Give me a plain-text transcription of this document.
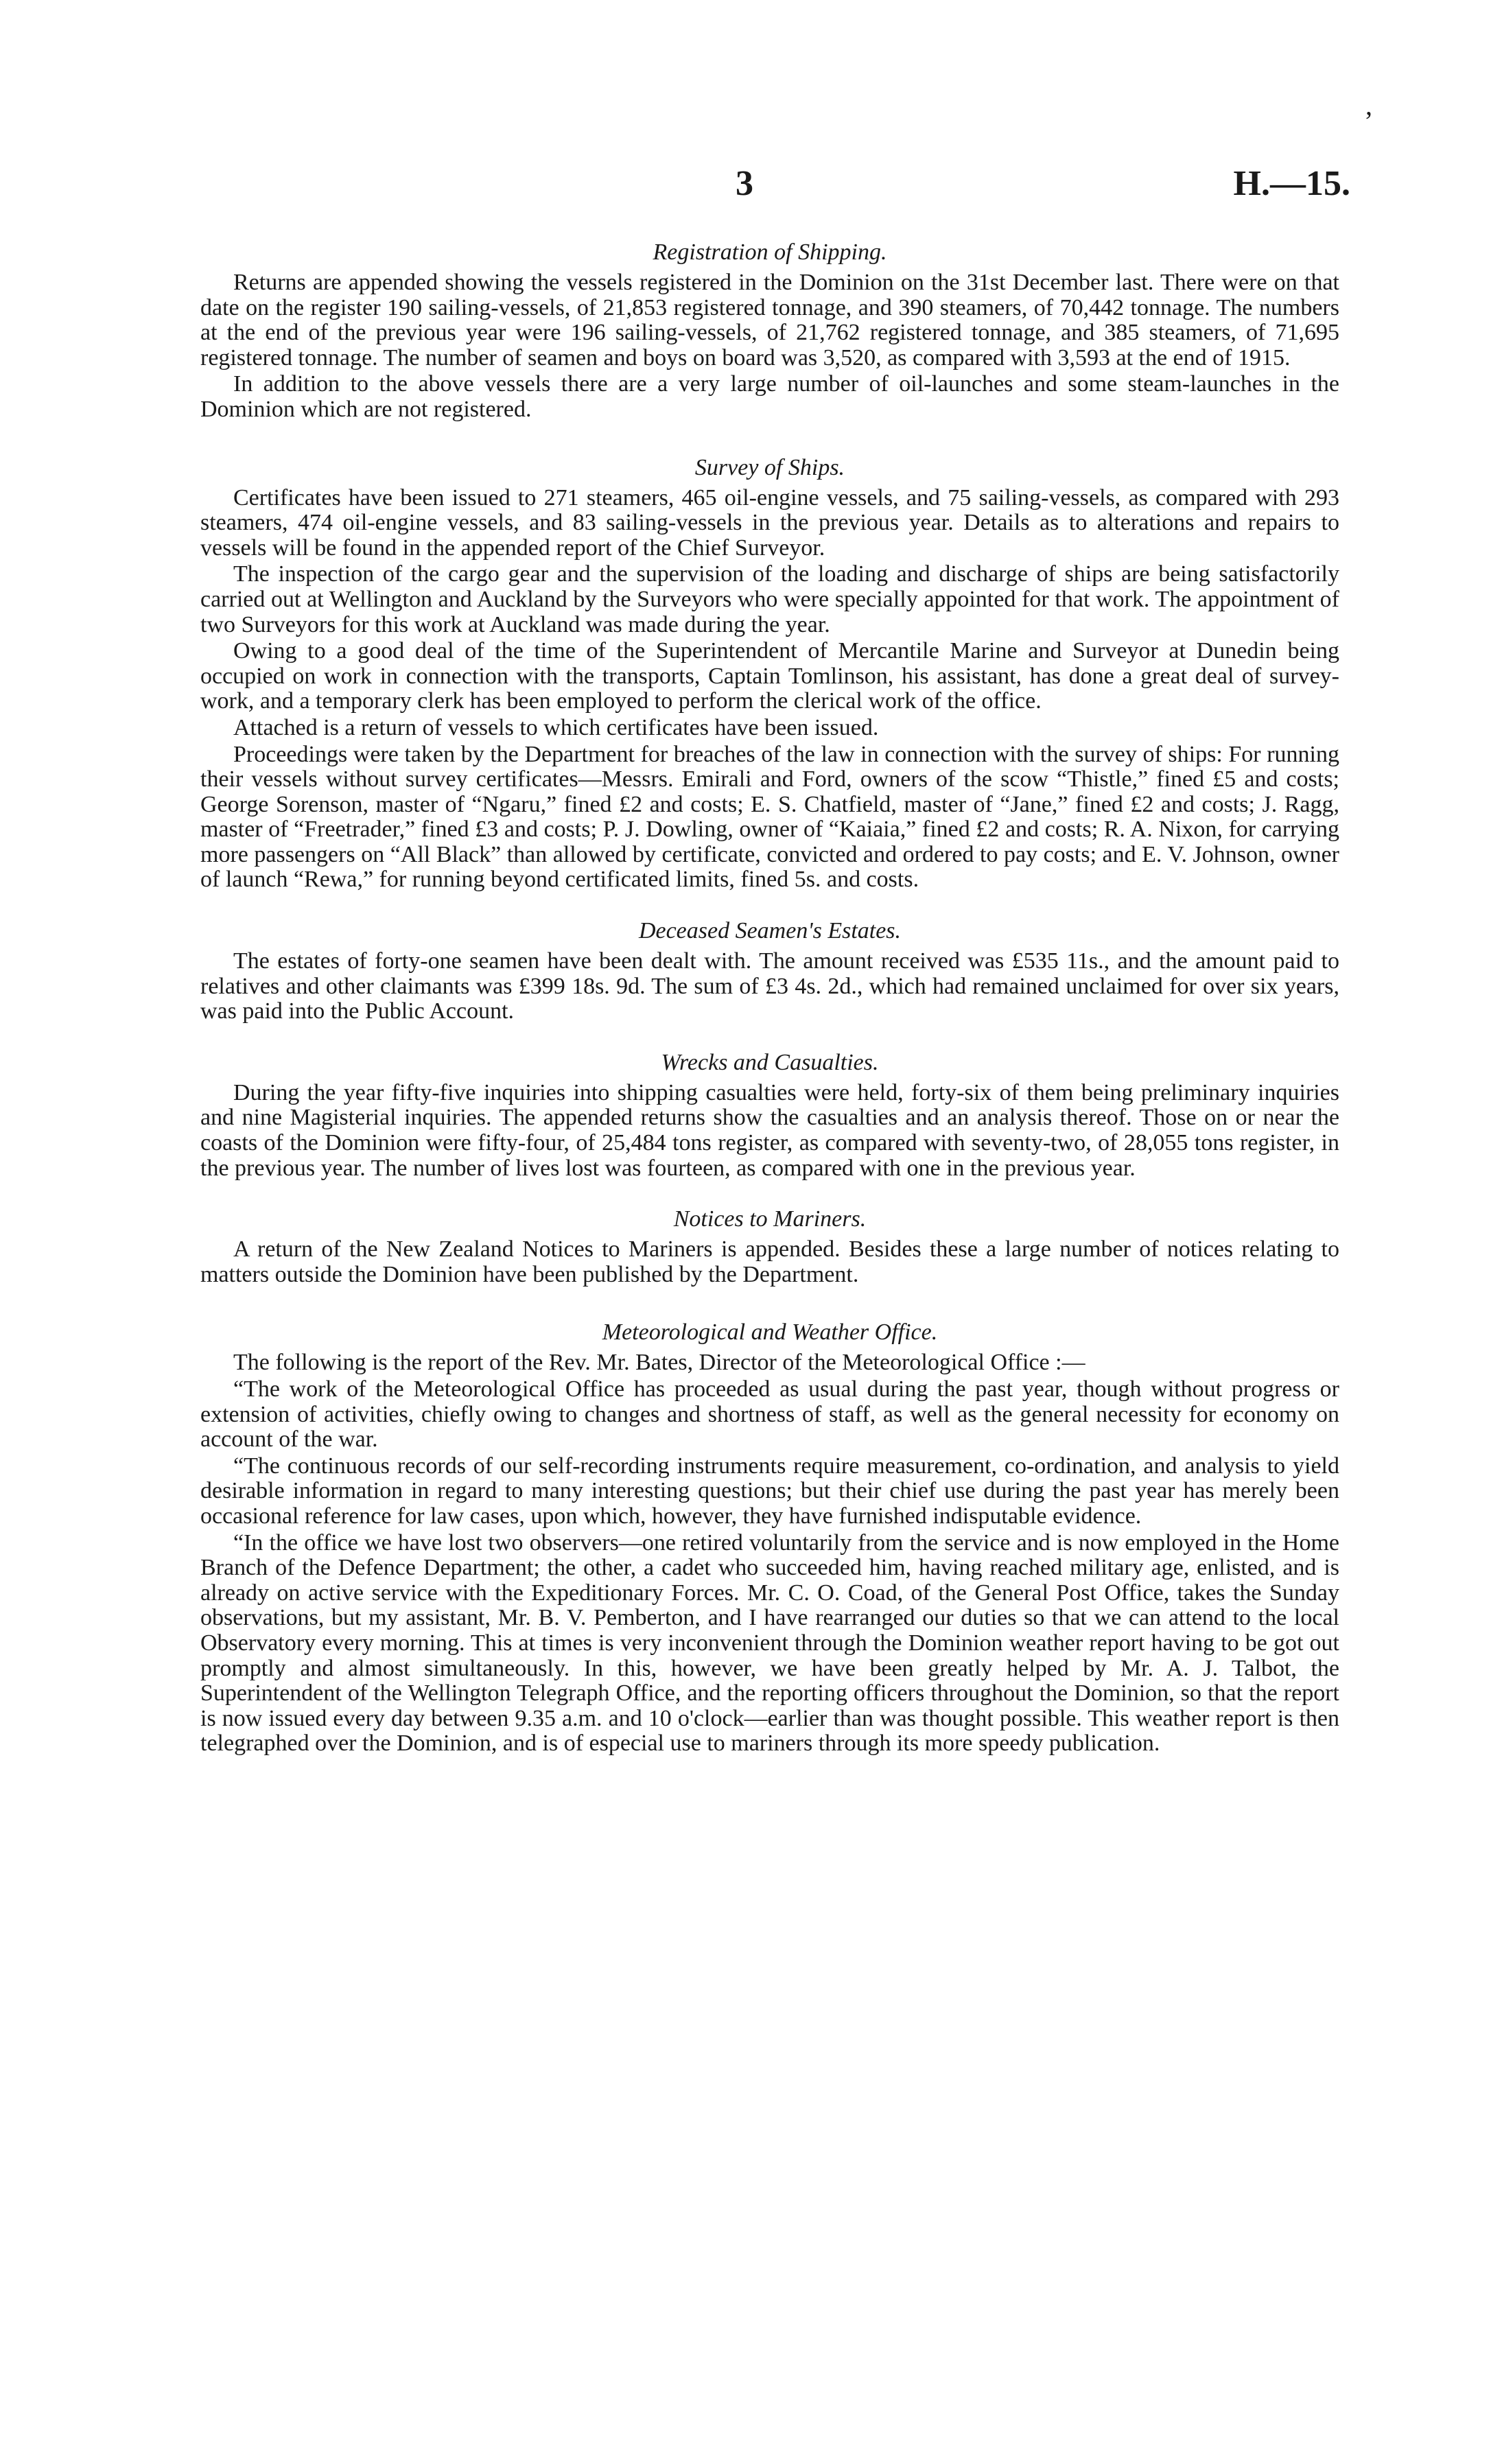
,
3	H.—15.
Registration of Shipping.

Returns are appended showing the vessels registered in the Dominion on the 31st December last. There were on that date on the register 190 sailing-vessels, of 21,853 registered tonnage, and 390 steamers, of 70,442 tonnage. The numbers at the end of the previous year were 196 sailing-vessels, of 21,762 registered tonnage, and 385 steamers, of 71,695 registered tonnage. The number of seamen and boys on board was 3,520, as compared with 3,593 at the end of 1915.

In addition to the above vessels there are a very large number of oil-launches and some steam-launches in the Dominion which are not registered.

Survey of Ships.

Certificates have been issued to 271 steamers, 465 oil-engine vessels, and 75 sailing-vessels, as compared with 293 steamers, 474 oil-engine vessels, and 83 sailing-vessels in the previous year. Details as to alterations and repairs to vessels will be found in the appended report of the Chief Surveyor.

The inspection of the cargo gear and the supervision of the loading and discharge of ships are being satisfactorily carried out at Wellington and Auckland by the Surveyors who were specially appointed for that work. The appointment of two Surveyors for this work at Auckland was made during the year.

Owing to a good deal of the time of the Superintendent of Mercantile Marine and Surveyor at Dunedin being occupied on work in connection with the transports, Captain Tomlinson, his assistant, has done a great deal of survey-work, and a temporary clerk has been employed to perform the clerical work of the office.

Attached is a return of vessels to which certificates have been issued.

Proceedings were taken by the Department for breaches of the law in connection with the survey of ships: For running their vessels without survey certificates—Messrs. Emirali and Ford, owners of the scow “Thistle,” fined £5 and costs; George Sorenson, master of “Ngaru,” fined £2 and costs; E. S. Chatfield, master of “Jane,” fined £2 and costs; J. Ragg, master of “Freetrader,” fined £3 and costs; P. J. Dowling, owner of “Kaiaia,” fined £2 and costs; R. A. Nixon, for carrying more passengers on “All Black” than allowed by certificate, convicted and ordered to pay costs; and E. V. Johnson, owner of launch “Rewa,” for running beyond certificated limits, fined 5s. and costs.

Deceased Seamen's Estates.

The estates of forty-one seamen have been dealt with. The amount received was £535 11s., and the amount paid to relatives and other claimants was £399 18s. 9d. The sum of £3 4s. 2d., which had remained unclaimed for over six years, was paid into the Public Account.

Wrecks and Casualties.

During the year fifty-five inquiries into shipping casualties were held, forty-six of them being preliminary inquiries and nine Magisterial inquiries. The appended returns show the casualties and an analysis thereof. Those on or near the coasts of the Dominion were fifty-four, of 25,484 tons register, as compared with seventy-two, of 28,055 tons register, in the previous year. The number of lives lost was fourteen, as compared with one in the previous year.

Notices to Mariners.

A return of the New Zealand Notices to Mariners is appended. Besides these a large number of notices relating to matters outside the Dominion have been published by the Department.

Meteorological and Weather Office.

The following is the report of the Rev. Mr. Bates, Director of the Meteorological Office :—

“The work of the Meteorological Office has proceeded as usual during the past year, though without progress or extension of activities, chiefly owing to changes and shortness of staff, as well as the general necessity for economy on account of the war.

“The continuous records of our self-recording instruments require measurement, co-ordination, and analysis to yield desirable information in regard to many interesting questions; but their chief use during the past year has merely been occasional reference for law cases, upon which, however, they have furnished indisputable evidence.

“In the office we have lost two observers—one retired voluntarily from the service and is now employed in the Home Branch of the Defence Department; the other, a cadet who succeeded him, having reached military age, enlisted, and is already on active service with the Expeditionary Forces. Mr. C. O. Coad, of the General Post Office, takes the Sunday observations, but my assistant, Mr. B. V. Pemberton, and I have rearranged our duties so that we can attend to the local Observatory every morning. This at times is very inconvenient through the Dominion weather report having to be got out promptly and almost simultaneously. In this, however, we have been greatly helped by Mr. A. J. Talbot, the Superintendent of the Wellington Telegraph Office, and the reporting officers throughout the Dominion, so that the report is now issued every day between 9.35 a.m. and 10 o'clock—earlier than was thought possible. This weather report is then telegraphed over the Dominion, and is of especial use to mariners through its more speedy publication.
